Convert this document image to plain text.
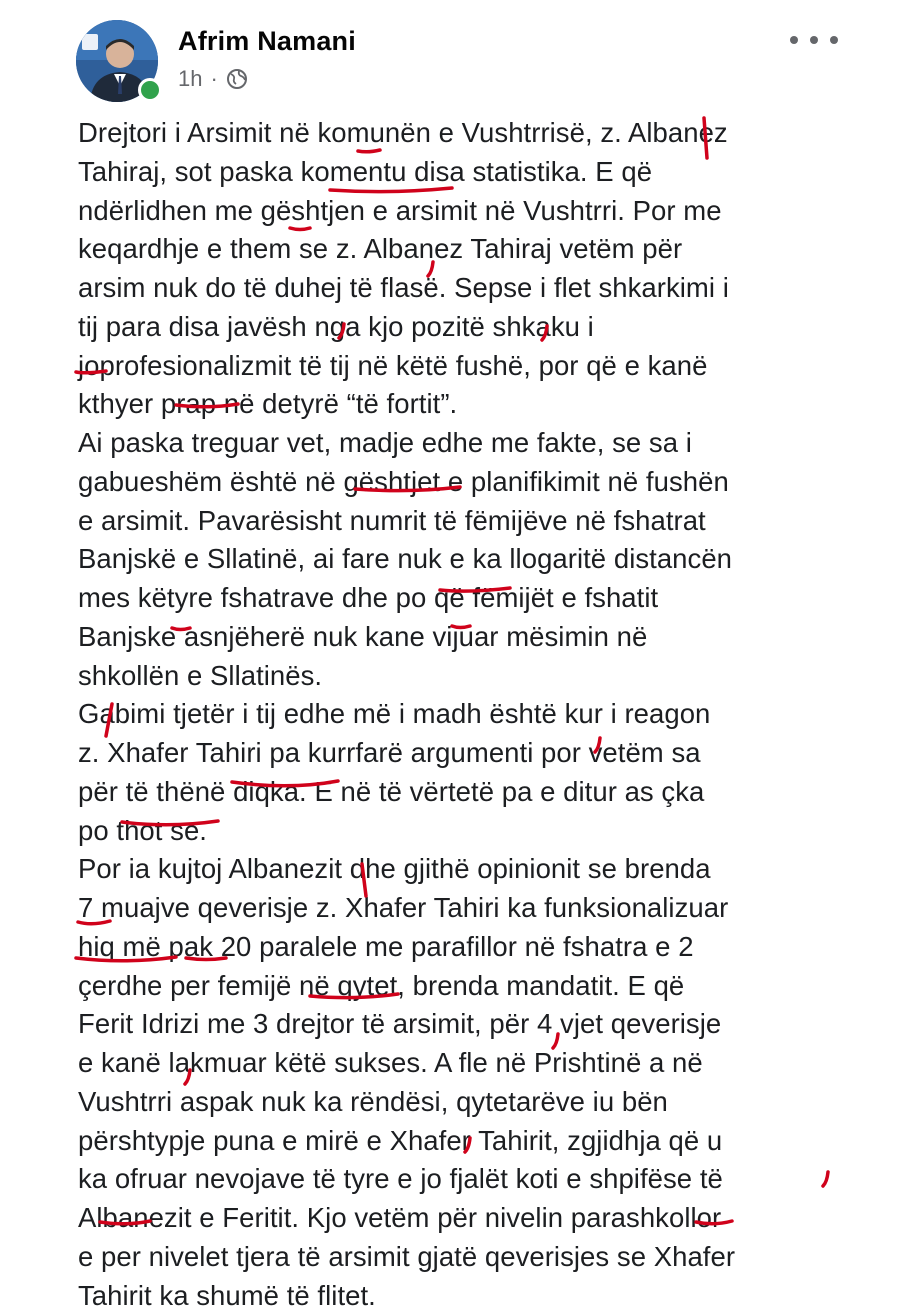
Afrim Namani
1h ·
Drejtori i Arsimit në komunën e Vushtrrisë, z. Albanez
Tahiraj, sot paska komentu disa statistika. E që
ndërlidhen me gështjen e arsimit në Vushtrri. Por me
keqardhje e them se z. Albanez Tahiraj vetëm për
arsim nuk do të duhej të flasë. Sepse i flet shkarkimi i
tij para disa javësh nga kjo pozitë shkaku i
joprofesionalizmit të tij në këtë fushë, por që e kanë
kthyer prap në detyrë “të fortit”.
Ai paska treguar vet, madje edhe me fakte, se sa i
gabueshëm është në gështjet e planifikimit në fushën
e arsimit. Pavarësisht numrit të fëmijëve në fshatrat
Banjskë e Sllatinë, ai fare nuk e ka llogaritë distancën
mes këtyre fshatrave dhe po që fëmijët e fshatit
Banjske asnjëherë nuk kane vijuar mësimin në
shkollën e Sllatinës.
Gabimi tjetër i tij edhe më i madh është kur i reagon
z. Xhafer Tahiri pa kurrfarë argumenti por vetëm sa
për të thënë diqka. E në të vërtetë pa e ditur as çka
po thot se.
Por ia kujtoj Albanezit dhe gjithë opinionit se brenda
7 muajve qeverisje z. Xhafer Tahiri ka funksionalizuar
hiq më pak 20 paralele me parafillor në fshatra e 2
çerdhe per femijë në qytet, brenda mandatit. E që
Ferit Idrizi me 3 drejtor të arsimit, për 4 vjet qeverisje
e kanë lakmuar këtë sukses. A fle në Prishtinë a në
Vushtrri aspak nuk ka rëndësi, qytetarëve iu bën
përshtypje puna e mirë e Xhafer Tahirit, zgjidhja që u
ka ofruar nevojave të tyre e jo fjalët koti e shpifëse të
Albanezit e Feritit. Kjo vetëm për nivelin parashkollor
e per nivelet tjera të arsimit gjatë qeverisjes se Xhafer
Tahirit ka shumë të flitet.
